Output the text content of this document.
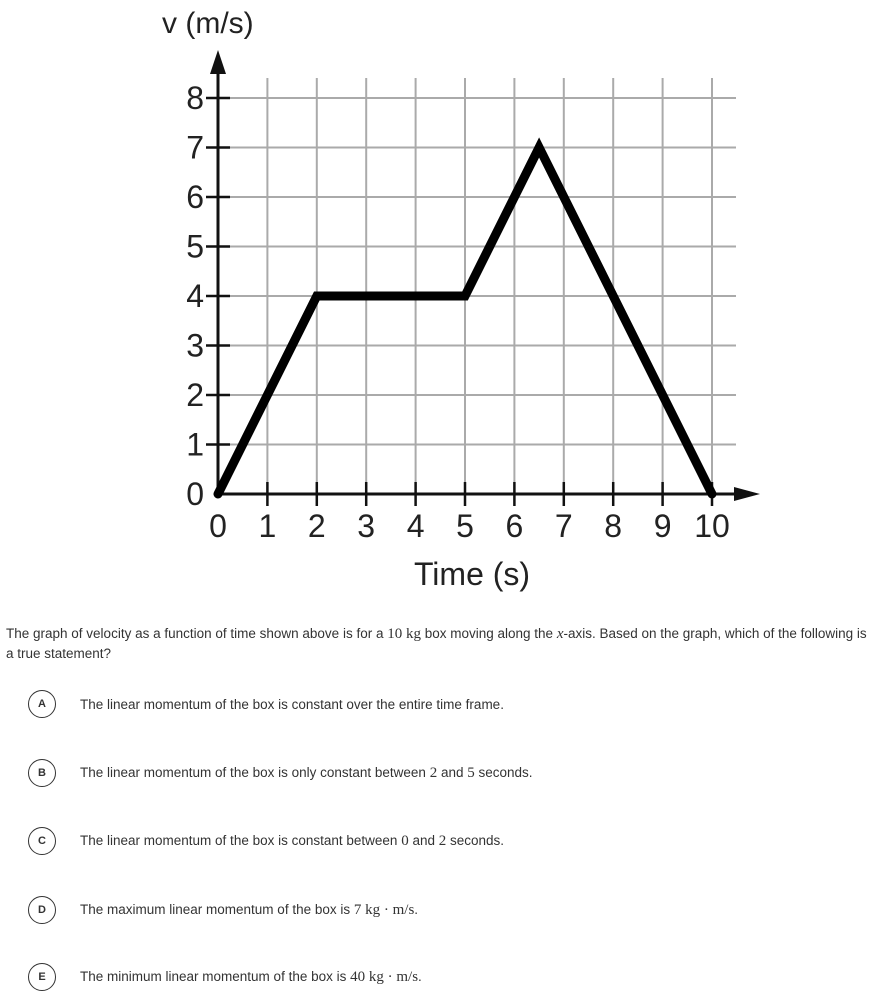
0
1
2
3
4
5
6
7
8
0 1 2 3 4 5 6 7 8 9 10
v (m/s)
Time (s)
The graph of velocity as a function of time shown above is for a 10 kg box moving along the x-axis. Based on the graph, which of the following is a true statement?
A	The linear momentum of the box is constant over the entire time frame.
B	The linear momentum of the box is only constant between 2 and 5 seconds.
C	The linear momentum of the box is constant between 0 and 2 seconds.
D	The maximum linear momentum of the box is 7 kg · m/s.
E	The minimum linear momentum of the box is 40 kg · m/s.
